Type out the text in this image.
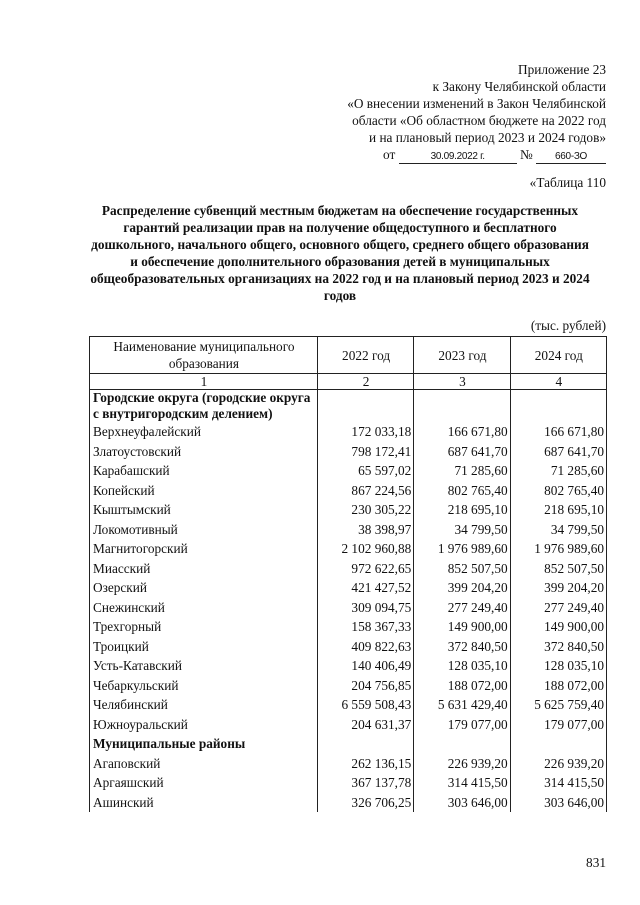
Приложение 23
к Закону Челябинской области
«О внесении изменений в Закон Челябинской
области «Об областном бюджете на 2022 год
и на плановый период 2023 и 2024 годов»
от	30.09.2022 г.	№ 660-ЗО
«Таблица 110
Распределение субвенций местным бюджетам на обеспечение государственных гарантий реализации прав на получение общедоступного и бесплатного дошкольного, начального общего, основного общего, среднего общего образования и обеспечение дополнительного образования детей в муниципальных общеобразовательных организациях на 2022 год и на плановый период 2023 и 2024 годов
(тыс. рублей)
Наименование муниципального образования	2022 год	2023 год	2024 год
1	2	3	4
Городские округа (городские округа с внутригородским делением)			
Верхнеуфалейский	172 033,18	166 671,80	166 671,80
Златоустовский	798 172,41	687 641,70	687 641,70
Карабашский	65 597,02	71 285,60	71 285,60
Копейский	867 224,56	802 765,40	802 765,40
Кыштымский	230 305,22	218 695,10	218 695,10
Локомотивный	38 398,97	34 799,50	34 799,50
Магнитогорский	2 102 960,88	1 976 989,60	1 976 989,60
Миасский	972 622,65	852 507,50	852 507,50
Озерский	421 427,52	399 204,20	399 204,20
Снежинский	309 094,75	277 249,40	277 249,40
Трехгорный	158 367,33	149 900,00	149 900,00
Троицкий	409 822,63	372 840,50	372 840,50
Усть-Катавский	140 406,49	128 035,10	128 035,10
Чебаркульский	204 756,85	188 072,00	188 072,00
Челябинский	6 559 508,43	5 631 429,40	5 625 759,40
Южноуральский	204 631,37	179 077,00	179 077,00
Муниципальные районы			
Агаповский	262 136,15	226 939,20	226 939,20
Аргаяшский	367 137,78	314 415,50	314 415,50
Ашинский	326 706,25	303 646,00	303 646,00
831
